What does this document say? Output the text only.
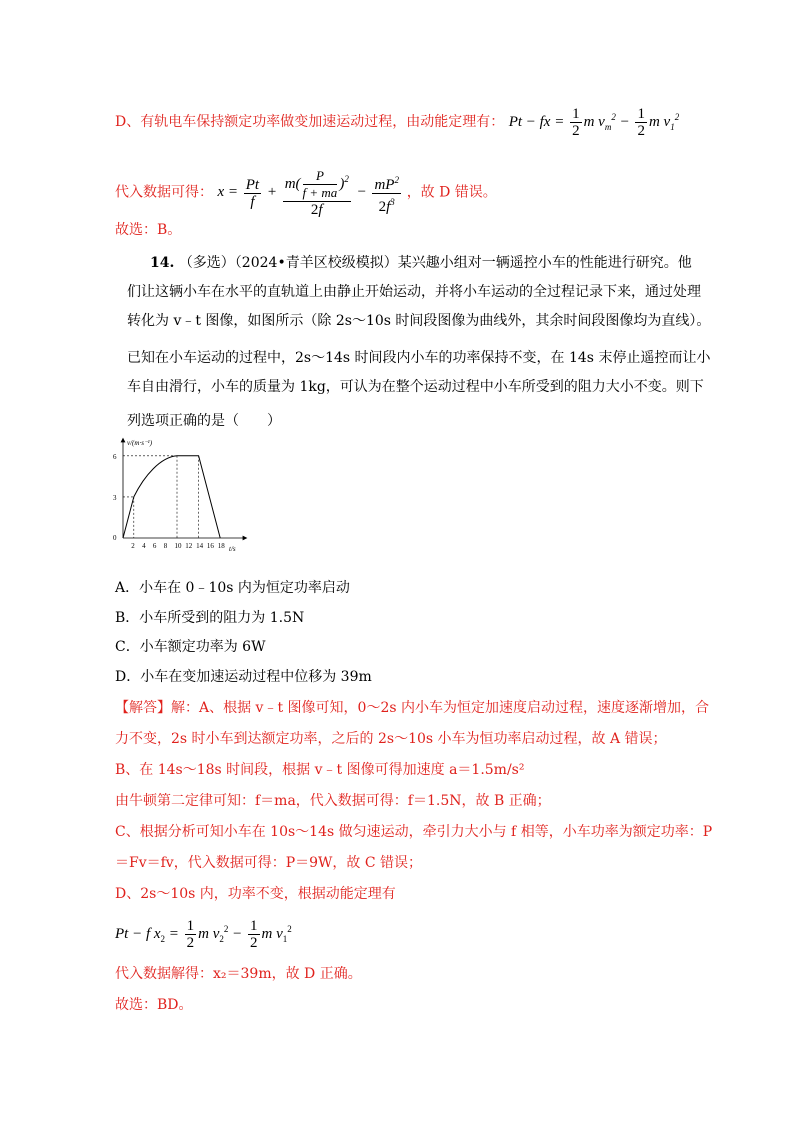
D、有轨电车保持额定功率做变加速运动过程，由动能定理有： Pt − fx = $\frac{1}{2}$ m $v_m^2 - \frac{1}{2}$ m $v_1^2$
代入数据可得： $x = \frac{Pt}{f} + \frac{m( \frac{P}{f + ma} )^2}{2f} - \frac{mP^2}{2f^3}$ ，故 D 错误。
故选：B。
14. （多选）（2024•青羊区校级模拟）某兴趣小组对一辆遥控小车的性能进行研究。他
们让这辆小车在水平的直轨道上由静止开始运动，并将小车运动的全过程记录下来，通过处理
转化为 v﹣t 图像，如图所示（除 2s～10s 时间段图像为曲线外，其余时间段图像均为直线）。
已知在小车运动的过程中，2s～14s 时间段内小车的功率保持不变，在 14s 末停止遥控而让小
车自由滑行，小车的质量为 1kg，可认为在整个运动过程中小车所受到的阻力大小不变。则下
列选项正确的是（　　）
v/(m·s⁻¹)
t/s
6
3
0
2 4 6 8 10 12 14 16 18
A．小车在 0﹣10s 内为恒定功率启动
B．小车所受到的阻力为 1.5N
C．小车额定功率为 6W
D．小车在变加速运动过程中位移为 39m
【解答】解：A、根据 v﹣t 图像可知，0～2s 内小车为恒定加速度启动过程，速度逐渐增加，合
力不变，2s 时小车到达额定功率，之后的 2s～10s 小车为恒功率启动过程，故 A 错误；
B、在 14s～18s 时间段，根据 v﹣t 图像可得加速度 a＝1.5m/s²
由牛顿第二定律可知：f＝ma，代入数据可得：f＝1.5N，故 B 正确；
C、根据分析可知小车在 10s～14s 做匀速运动，牵引力大小与 f 相等，小车功率为额定功率：P
＝Fv＝fv，代入数据可得：P＝9W，故 C 错误；
D、2s～10s 内，功率不变，根据动能定理有
Pt − f $x_2 = \frac{1}{2}$ m $v_2^2 - \frac{1}{2}$ m $v_1^2$
代入数据解得：x₂＝39m，故 D 正确。
故选：BD。
